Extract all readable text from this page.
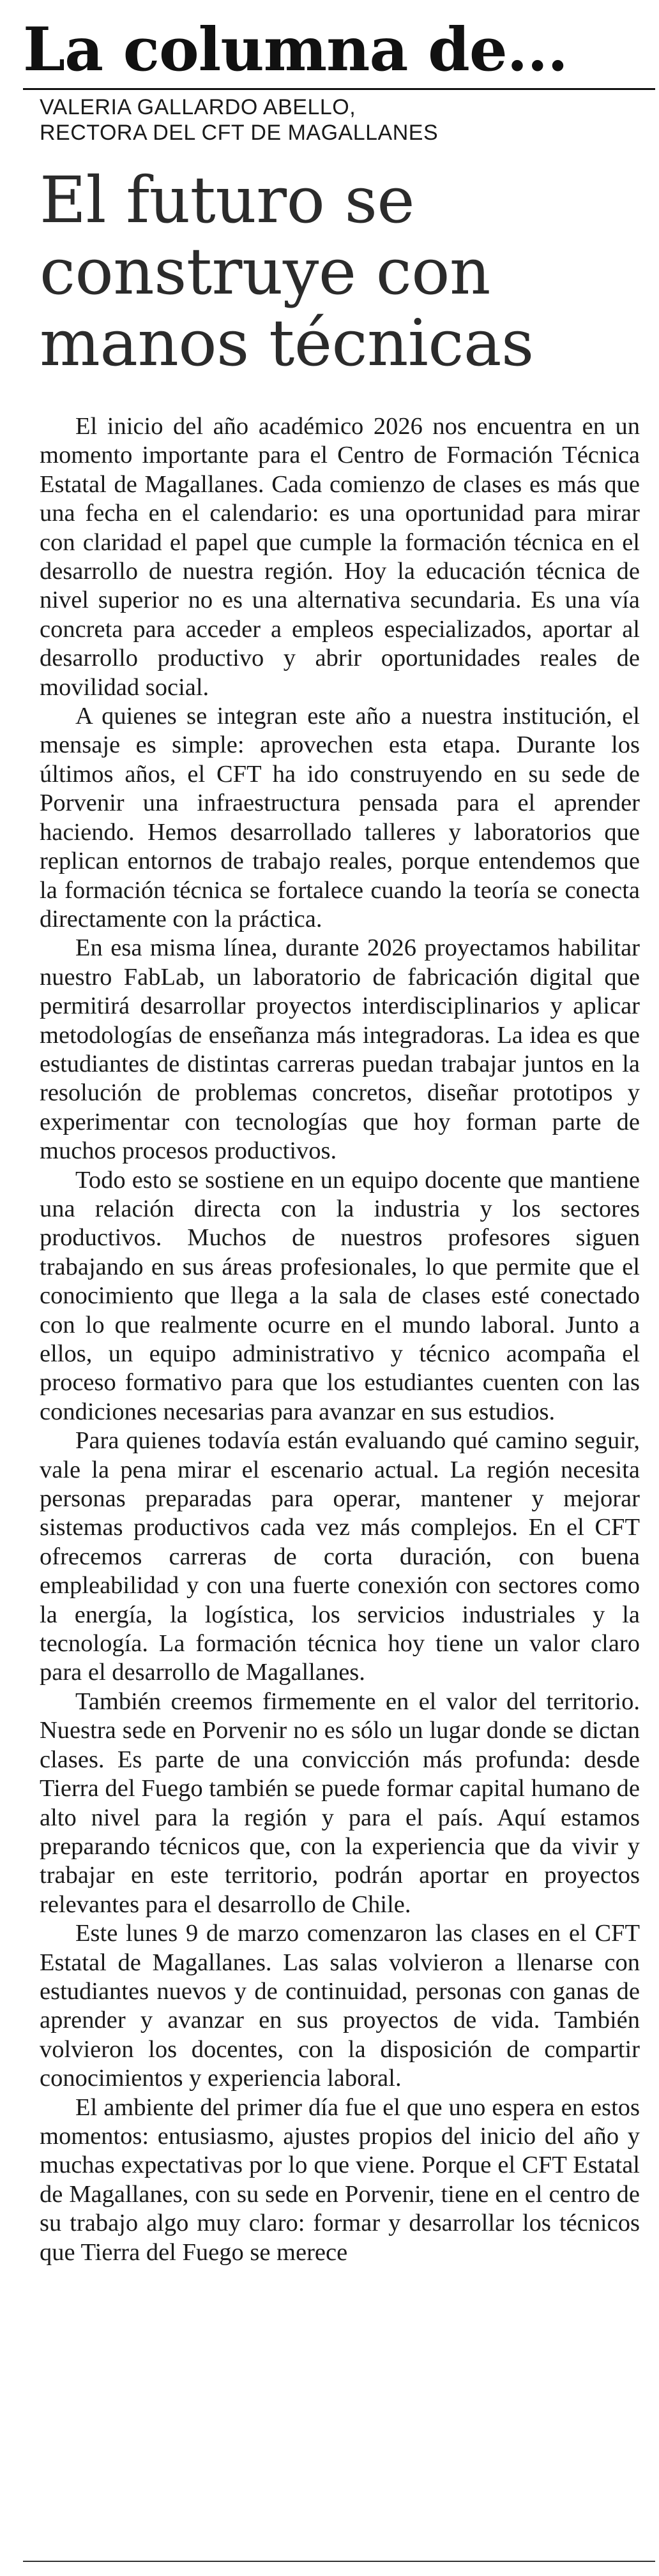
La columna de...
VALERIA GALLARDO ABELLO,
RECTORA DEL CFT DE MAGALLANES
El futuro se construye con manos técnicas

El inicio del año académico 2026 nos encuentra en un momento importante para el Centro de Formación Técnica Estatal de Magallanes. Cada comienzo de clases es más que una fecha en el calendario: es una oportunidad para mirar con claridad el papel que cumple la formación técnica en el desarrollo de nuestra región. Hoy la educación técnica de nivel superior no es una alternativa secundaria. Es una vía concreta para acceder a empleos especializados, aportar al desarrollo productivo y abrir oportunidades reales de movilidad social.

A quienes se integran este año a nuestra institución, el mensaje es simple: aprovechen esta etapa. Durante los últimos años, el CFT ha ido construyendo en su sede de Porvenir una infraestructura pensada para el aprender haciendo. Hemos desarrollado talleres y laboratorios que replican entornos de trabajo reales, porque entendemos que la formación técnica se fortalece cuando la teoría se conecta directamente con la práctica.

En esa misma línea, durante 2026 proyectamos habilitar nuestro FabLab, un laboratorio de fabricación digital que permitirá desarrollar proyectos interdisciplinarios y aplicar metodologías de enseñanza más integradoras. La idea es que estudiantes de distintas carreras puedan trabajar juntos en la resolución de problemas concretos, diseñar prototipos y experimentar con tecnologías que hoy forman parte de muchos procesos productivos.

Todo esto se sostiene en un equipo docente que mantiene una relación directa con la industria y los sectores productivos. Muchos de nuestros profesores siguen trabajando en sus áreas profesionales, lo que permite que el conocimiento que llega a la sala de clases esté conectado con lo que realmente ocurre en el mundo laboral. Junto a ellos, un equipo administrativo y técnico acompaña el proceso formativo para que los estudiantes cuenten con las condiciones necesarias para avanzar en sus estudios.

Para quienes todavía están evaluando qué camino seguir, vale la pena mirar el escenario actual. La región necesita personas preparadas para operar, mantener y mejorar sistemas productivos cada vez más complejos. En el CFT ofrecemos carreras de corta duración, con buena empleabilidad y con una fuerte conexión con sectores como la energía, la logística, los servicios industriales y la tecnología. La formación técnica hoy tiene un valor claro para el desarrollo de Magallanes.

También creemos firmemente en el valor del territorio. Nuestra sede en Porvenir no es sólo un lugar donde se dictan clases. Es parte de una convicción más profunda: desde Tierra del Fuego también se puede formar capital humano de alto nivel para la región y para el país. Aquí estamos preparando técnicos que, con la experiencia que da vivir y trabajar en este territorio, podrán aportar en proyectos relevantes para el desarrollo de Chile.

Este lunes 9 de marzo comenzaron las clases en el CFT Estatal de Magallanes. Las salas volvieron a llenarse con estudiantes nuevos y de continuidad, personas con ganas de aprender y avanzar en sus proyectos de vida. También volvieron los docentes, con la disposición de compartir conocimientos y experiencia laboral.

El ambiente del primer día fue el que uno espera en estos momentos: entusiasmo, ajustes propios del inicio del año y muchas expectativas por lo que viene. Porque el CFT Estatal de Magallanes, con su sede en Porvenir, tiene en el centro de su trabajo algo muy claro: formar y desarrollar los técnicos que Tierra del Fuego se merece
